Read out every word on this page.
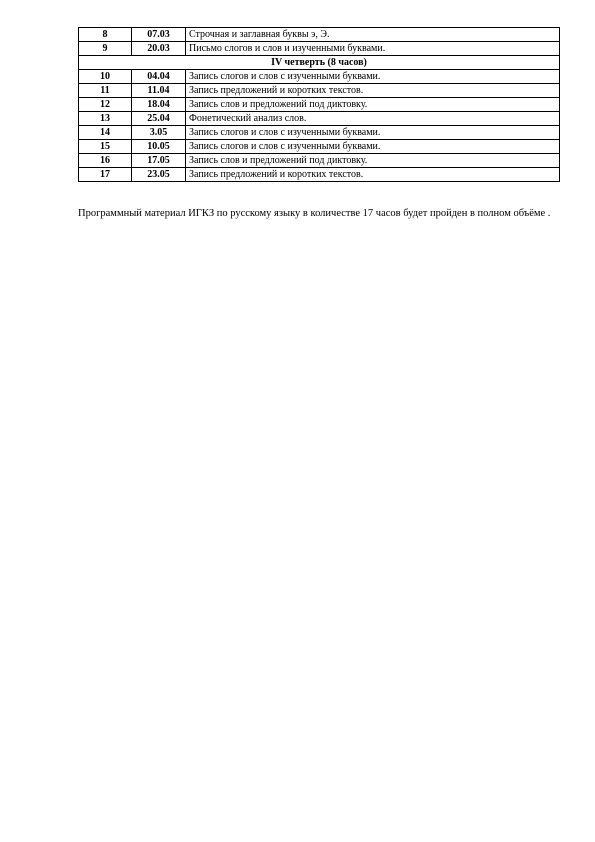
8	07.03	Строчная и заглавная буквы э, Э.
9	20.03	Письмо слогов и слов и изученными буквами.
IV четверть (8 часов)		
10	04.04	Запись слогов и слов с изученными буквами.
11	11.04	Запись предложений и коротких текстов.
12	18.04	Запись слов и предложений под диктовку.
13	25.04	Фонетический анализ слов.
14	3.05	Запись слогов и слов с изученными буквами.
15	10.05	Запись слогов и слов с изученными буквами.
16	17.05	Запись слов и предложений под диктовку.
17	23.05	Запись предложений и коротких текстов.

Программный материал ИГКЗ по русскому языку в количестве 17 часов будет пройден в полном объёме .
